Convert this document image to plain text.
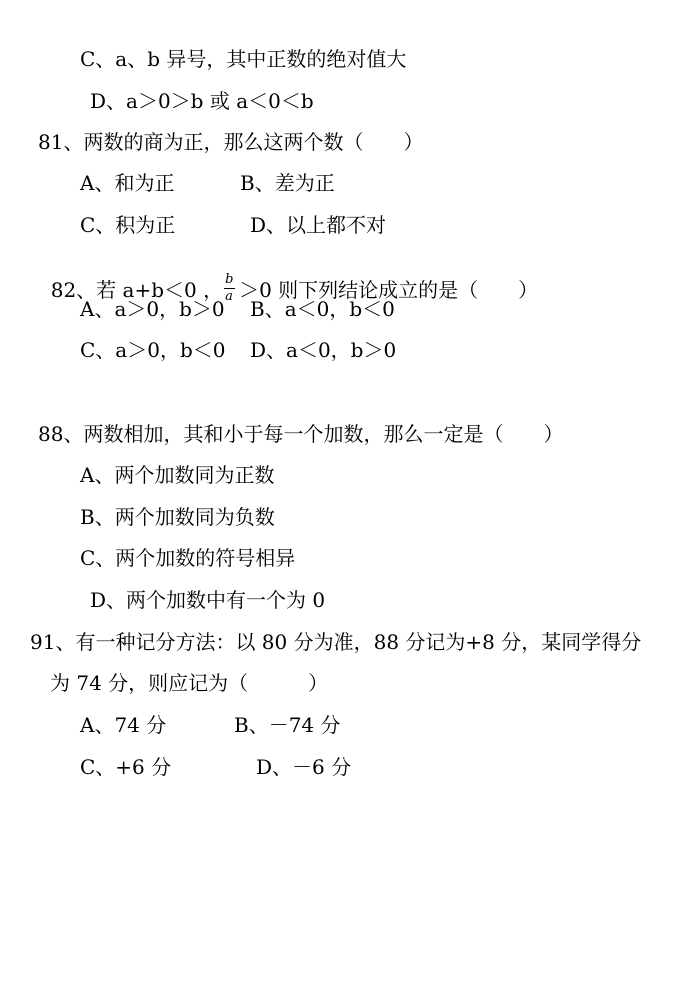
C、a、b 异号，其中正数的绝对值大
D、a＞0＞b 或 a＜0＜b
81、两数的商为正，那么这两个数（　　）
A、和为正	B、差为正
C、积为正	D、以上都不对

82、若 a+b＜0 ， $\frac{b}{a} >0$ 则下列结论成立的是（　　）

A、a＞0，b＞0 B、a＜0，b＜0
C、a＞0，b＜0 D、a＜0，b＞0
88、两数相加，其和小于每一个加数，那么一定是（　　）
A、两个加数同为正数
B、两个加数同为负数
C、两个加数的符号相异
D、两个加数中有一个为 0
91、有一种记分方法：以 80 分为准，88 分记为+8 分，某同学得分
为 74 分，则应记为（　　　）
A、74 分	B、－74 分
C、+6 分	D、－6 分
